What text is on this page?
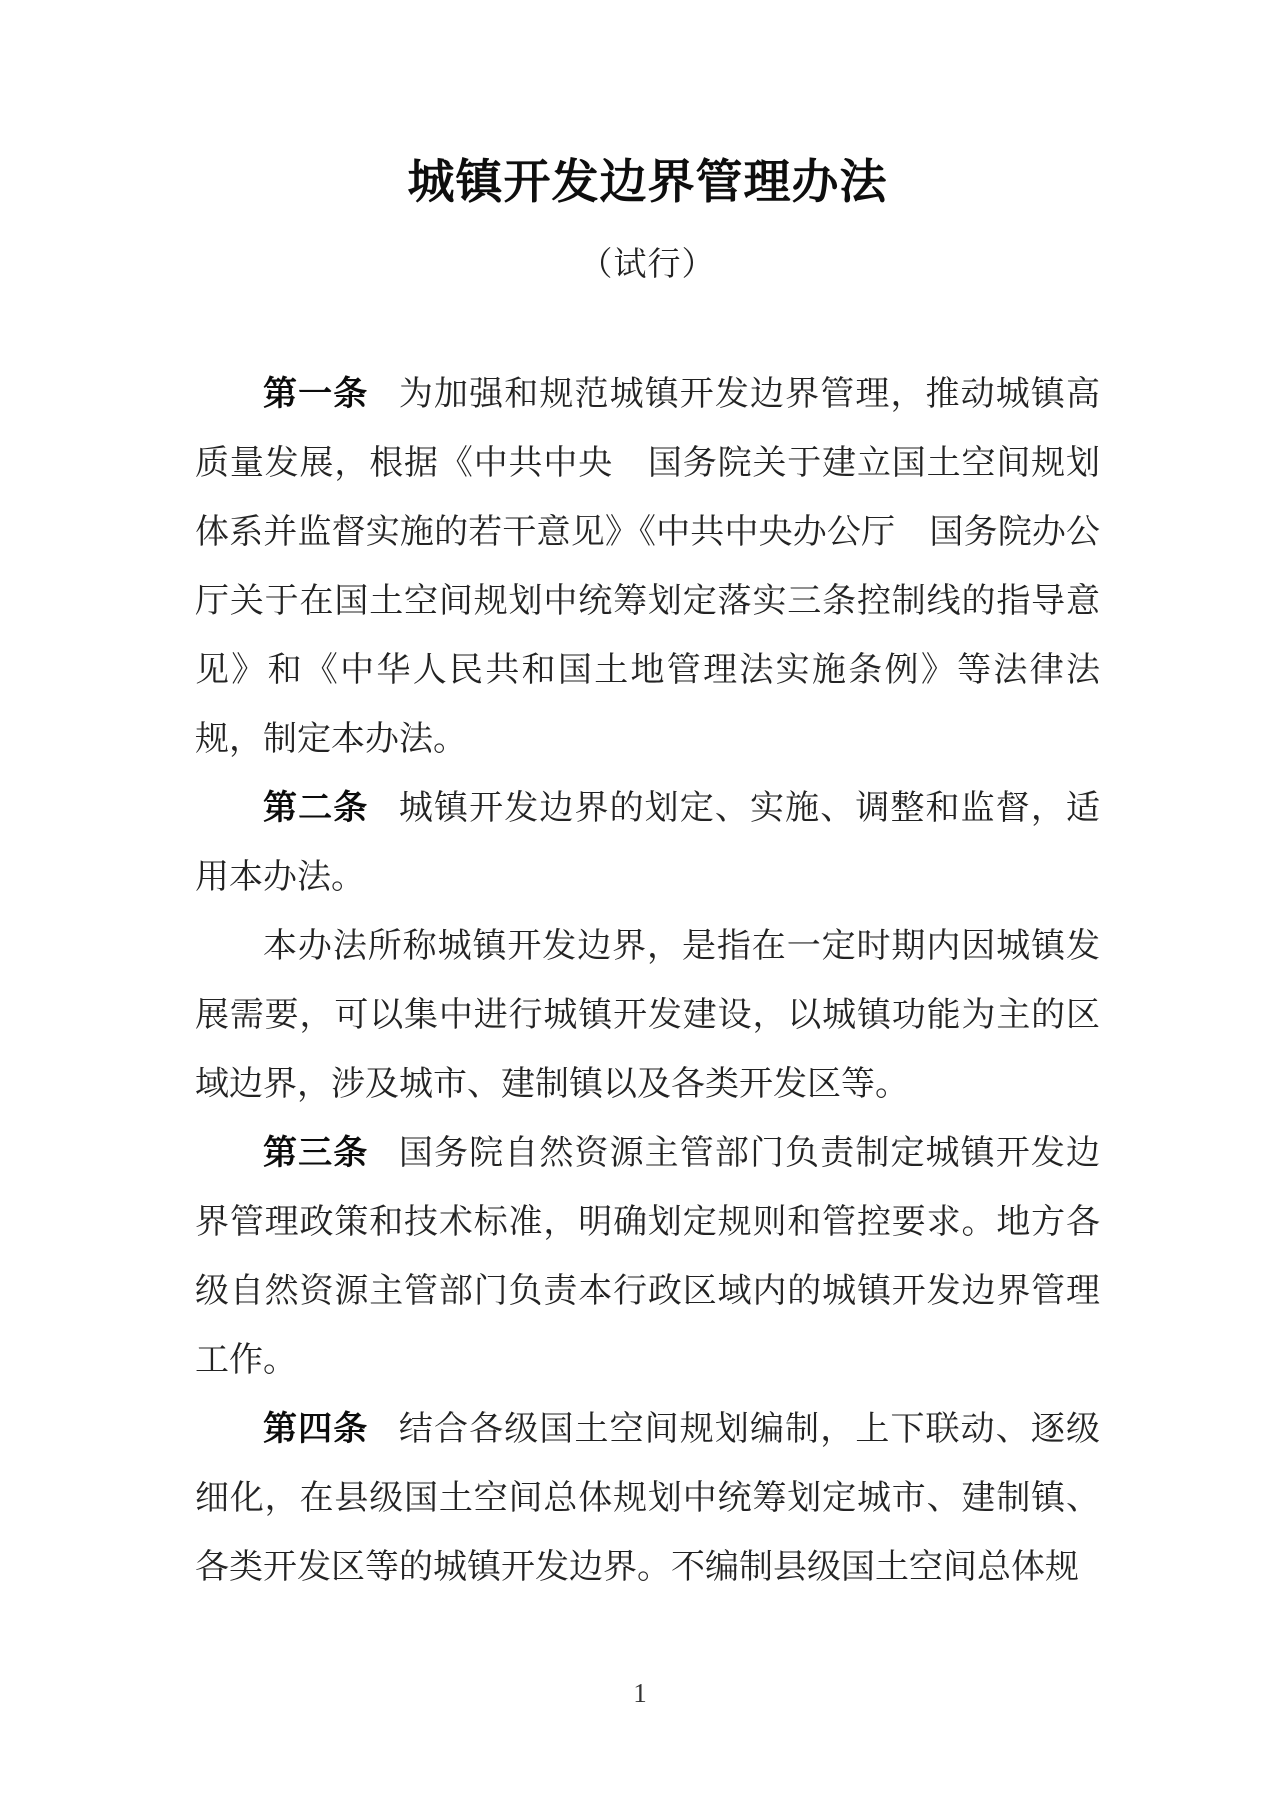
城镇开发边界管理办法
（试行）

第一条 为加强和规范城镇开发边界管理，推动城镇高质量发展，根据《中共中央　国务院关于建立国土空间规划体系并监督实施的若干意见》《中共中央办公厅　国务院办公厅关于在国土空间规划中统筹划定落实三条控制线的指导意见》和《中华人民共和国土地管理法实施条例》等法律法规，制定本办法。

第二条 城镇开发边界的划定、实施、调整和监督，适用本办法。

本办法所称城镇开发边界，是指在一定时期内因城镇发展需要，可以集中进行城镇开发建设，以城镇功能为主的区域边界，涉及城市、建制镇以及各类开发区等。

第三条 国务院自然资源主管部门负责制定城镇开发边界管理政策和技术标准，明确划定规则和管控要求。地方各级自然资源主管部门负责本行政区域内的城镇开发边界管理工作。

第四条 结合各级国土空间规划编制，上下联动、逐级细化，在县级国土空间总体规划中统筹划定城市、建制镇、各类开发区等的城镇开发边界。不编制县级国土空间总体规

1
